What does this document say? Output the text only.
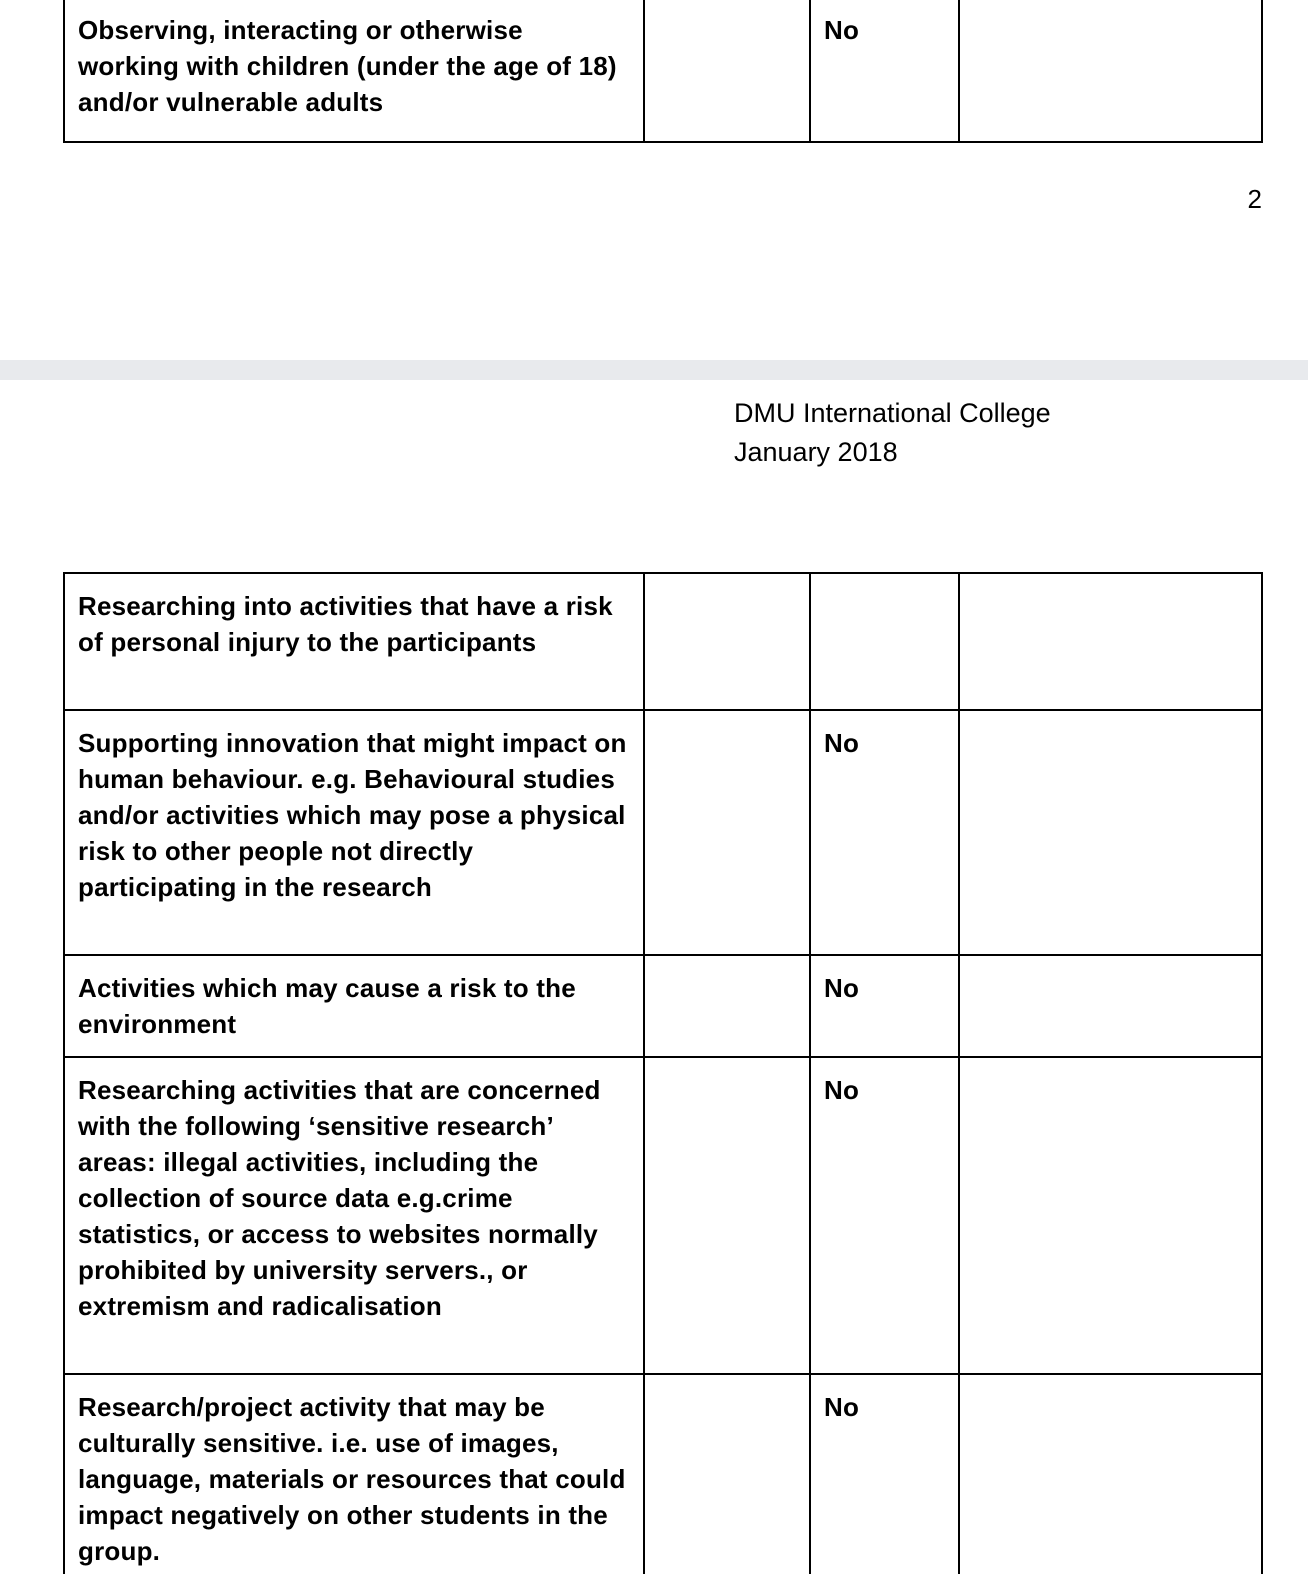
Observing, interacting or otherwise working with children (under the age of 18) and/or vulnerable adults		No	
2
DMU International College
January 2018
Researching into activities that have a risk of personal injury to the participants			
Supporting innovation that might impact on human behaviour. e.g. Behavioural studies and/or activities which may pose a physical risk to other people not directly participating in the research		No	
Activities which may cause a risk to the environment		No	
Researching activities that are concerned with the following ‘sensitive research’ areas: illegal activities, including the collection of source data e.g.crime statistics, or access to websites normally prohibited by university servers., or extremism and radicalisation		No	
Research/project activity that may be culturally sensitive. i.e. use of images, language, materials or resources that could impact negatively on other students in the group.		No	
